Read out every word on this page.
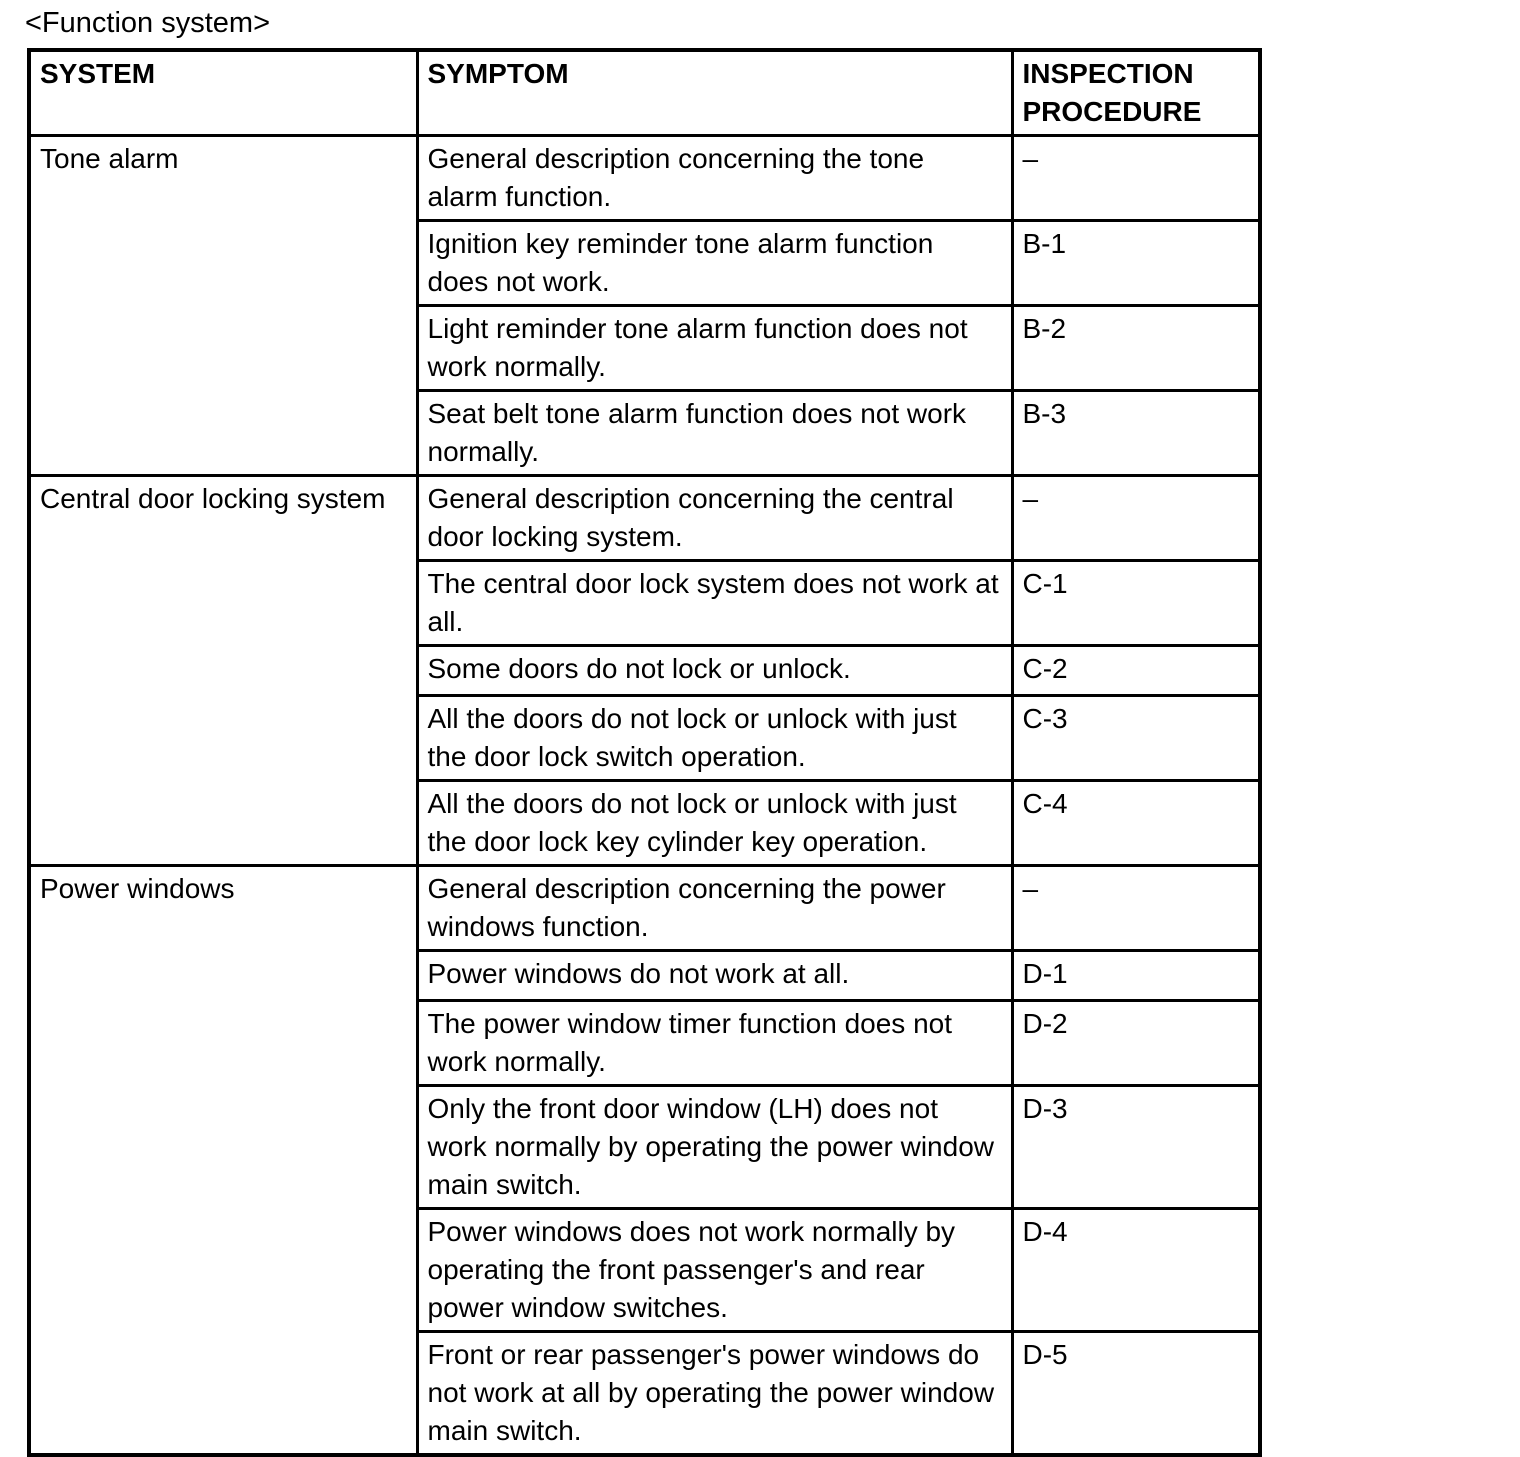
<Function system>
SYSTEM	SYMPTOM	INSPECTION PROCEDURE
Tone alarm	General description concerning the tone alarm function.	–
	Ignition key reminder tone alarm function does not work.	B-1
	Light reminder tone alarm function does not work normally.	B-2
	Seat belt tone alarm function does not work normally.	B-3
Central door locking system	General description concerning the central door locking system.	–
	The central door lock system does not work at all.	C-1
	Some doors do not lock or unlock.	C-2
	All the doors do not lock or unlock with just the door lock switch operation.	C-3
	All the doors do not lock or unlock with just the door lock key cylinder key operation.	C-4
Power windows	General description concerning the power windows function.	–
	Power windows do not work at all.	D-1
	The power window timer function does not work normally.	D-2
	Only the front door window (LH) does not work normally by operating the power window main switch.	D-3
	Power windows does not work normally by operating the front passenger's and rear power window switches.	D-4
	Front or rear passenger's power windows do not work at all by operating the power window main switch.	D-5
